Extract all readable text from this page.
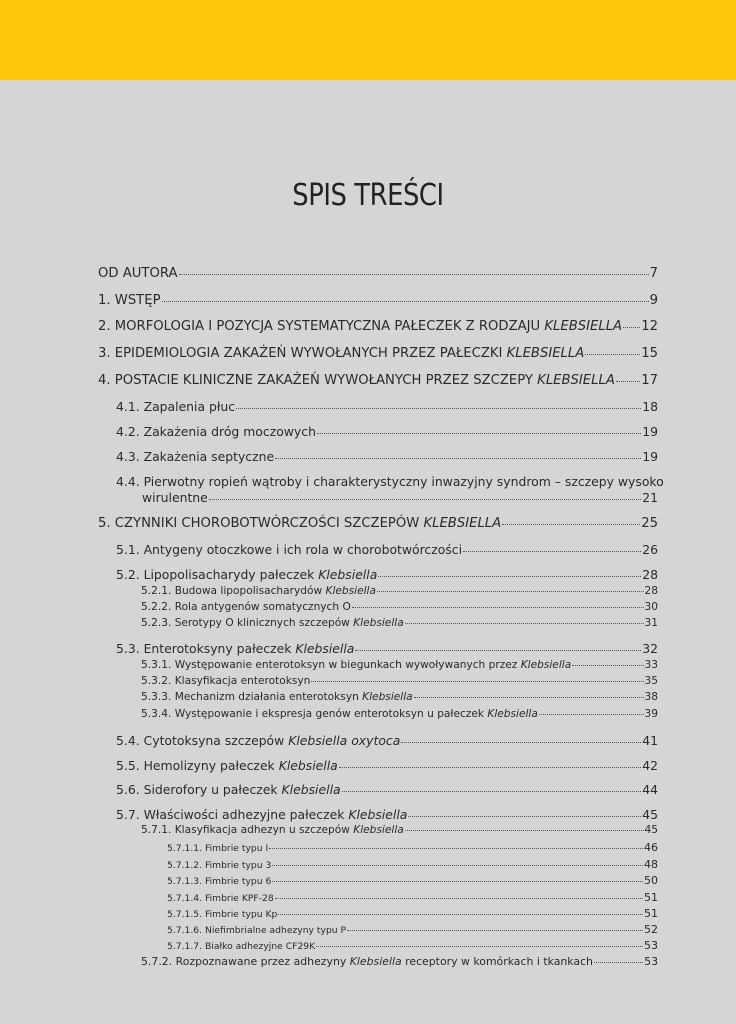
SPIS TREŚCI
OD AUTORA	7
1. WSTĘP	9
2. MORFOLOGIA I POZYCJA SYSTEMATYCZNA PAŁECZEK Z RODZAJU KLEBSIELLA 12
3. EPIDEMIOLOGIA ZAKAŻEŃ WYWOŁANYCH PRZEZ PAŁECZKI KLEBSIELLA	15
4. POSTACIE KLINICZNE ZAKAŻEŃ WYWOŁANYCH PRZEZ SZCZEPY KLEBSIELLA 17
4.1. Zapalenia płuc	18
4.2. Zakażenia dróg moczowych	19
4.3. Zakażenia septyczne	19
4.4. Pierwotny ropień wątroby i charakterystyczny inwazyjny syndrom – szczepy wysoko
wirulentne	21
5. CZYNNIKI CHOROBOTWÓRCZOŚCI SZCZEPÓW KLEBSIELLA	25
5.1. Antygeny otoczkowe i ich rola w chorobotwórczości	26
5.2. Lipopolisacharydy pałeczek Klebsiella	28
5.2.1. Budowa lipopolisacharydów Klebsiella	28
5.2.2. Rola antygenów somatycznych O	30
5.2.3. Serotypy O klinicznych szczepów Klebsiella	31
5.3. Enterotoksyny pałeczek Klebsiella	32
5.3.1. Występowanie enterotoksyn w biegunkach wywoływanych przez Klebsiella	33
5.3.2. Klasyfikacja enterotoksyn	35
5.3.3. Mechanizm działania enterotoksyn Klebsiella	38
5.3.4. Występowanie i ekspresja genów enterotoksyn u pałeczek Klebsiella	39
5.4. Cytotoksyna szczepów Klebsiella oxytoca	41
5.5. Hemolizyny pałeczek Klebsiella	42
5.6. Siderofory u pałeczek Klebsiella	44
5.7. Właściwości adhezyjne pałeczek Klebsiella	45
5.7.1. Klasyfikacja adhezyn u szczepów Klebsiella	45
5.7.1.1. Fimbrie typu I	46
5.7.1.2. Fimbrie typu 3	48
5.7.1.3. Fimbrie typu 6	50
5.7.1.4. Fimbrie KPF-28	51
5.7.1.5. Fimbrie typu Kp	51
5.7.1.6. Niefimbrialne adhezyny typu P	52
5.7.1.7. Białko adhezyjne CF29K	53
5.7.2. Rozpoznawane przez adhezyny Klebsiella receptory w komórkach i tkankach	53
